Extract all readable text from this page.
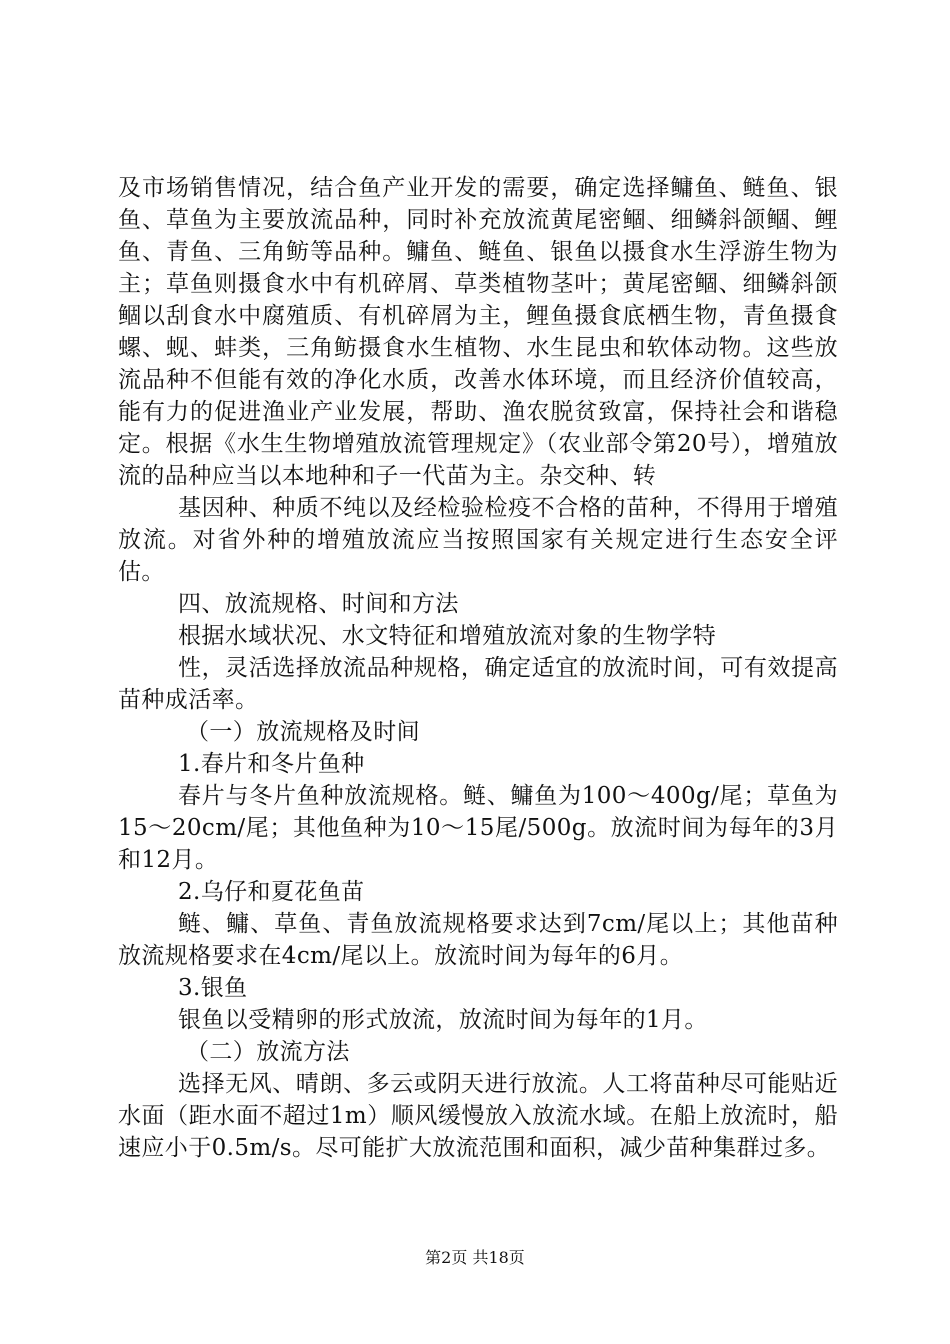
及市场销售情况，结合鱼产业开发的需要，确定选择鳙鱼、鲢鱼、银鱼、草鱼为主要放流品种，同时补充放流黄尾密鲴、细鳞斜颌鲴、鲤鱼、青鱼、三角鲂等品种。鳙鱼、鲢鱼、银鱼以摄食水生浮游生物为主；草鱼则摄食水中有机碎屑、草类植物茎叶；黄尾密鲴、细鳞斜颌鲴以刮食水中腐殖质、有机碎屑为主，鲤鱼摄食底栖生物，青鱼摄食螺、蚬、蚌类，三角鲂摄食水生植物、水生昆虫和软体动物。这些放流品种不但能有效的净化水质，改善水体环境，而且经济价值较高，能有力的促进渔业产业发展，帮助、渔农脱贫致富，保持社会和谐稳定。根据《水生生物增殖放流管理规定》（农业部令第20号），增殖放流的品种应当以本地种和子一代苗为主。杂交种、转

基因种、种质不纯以及经检验检疫不合格的苗种，不得用于增殖放流。对省外种的增殖放流应当按照国家有关规定进行生态安全评估。

四、放流规格、时间和方法

根据水域状况、水文特征和增殖放流对象的生物学特

性，灵活选择放流品种规格，确定适宜的放流时间，可有效提高苗种成活率。

（一）放流规格及时间

1.春片和冬片鱼种

春片与冬片鱼种放流规格。鲢、鳙鱼为100～400g/尾；草鱼为15～20cm/尾；其他鱼种为10～15尾/500g。放流时间为每年的3月和12月。

2.乌仔和夏花鱼苗

鲢、鳙、草鱼、青鱼放流规格要求达到7cm/尾以上；其他苗种放流规格要求在4cm/尾以上。放流时间为每年的6月。

3.银鱼

银鱼以受精卵的形式放流，放流时间为每年的1月。

（二）放流方法

选择无风、晴朗、多云或阴天进行放流。人工将苗种尽可能贴近水面（距水面不超过1m）顺风缓慢放入放流水域。在船上放流时，船速应小于0.5m/s。尽可能扩大放流范围和面积，减少苗种集群过多。

第2页 共18页
